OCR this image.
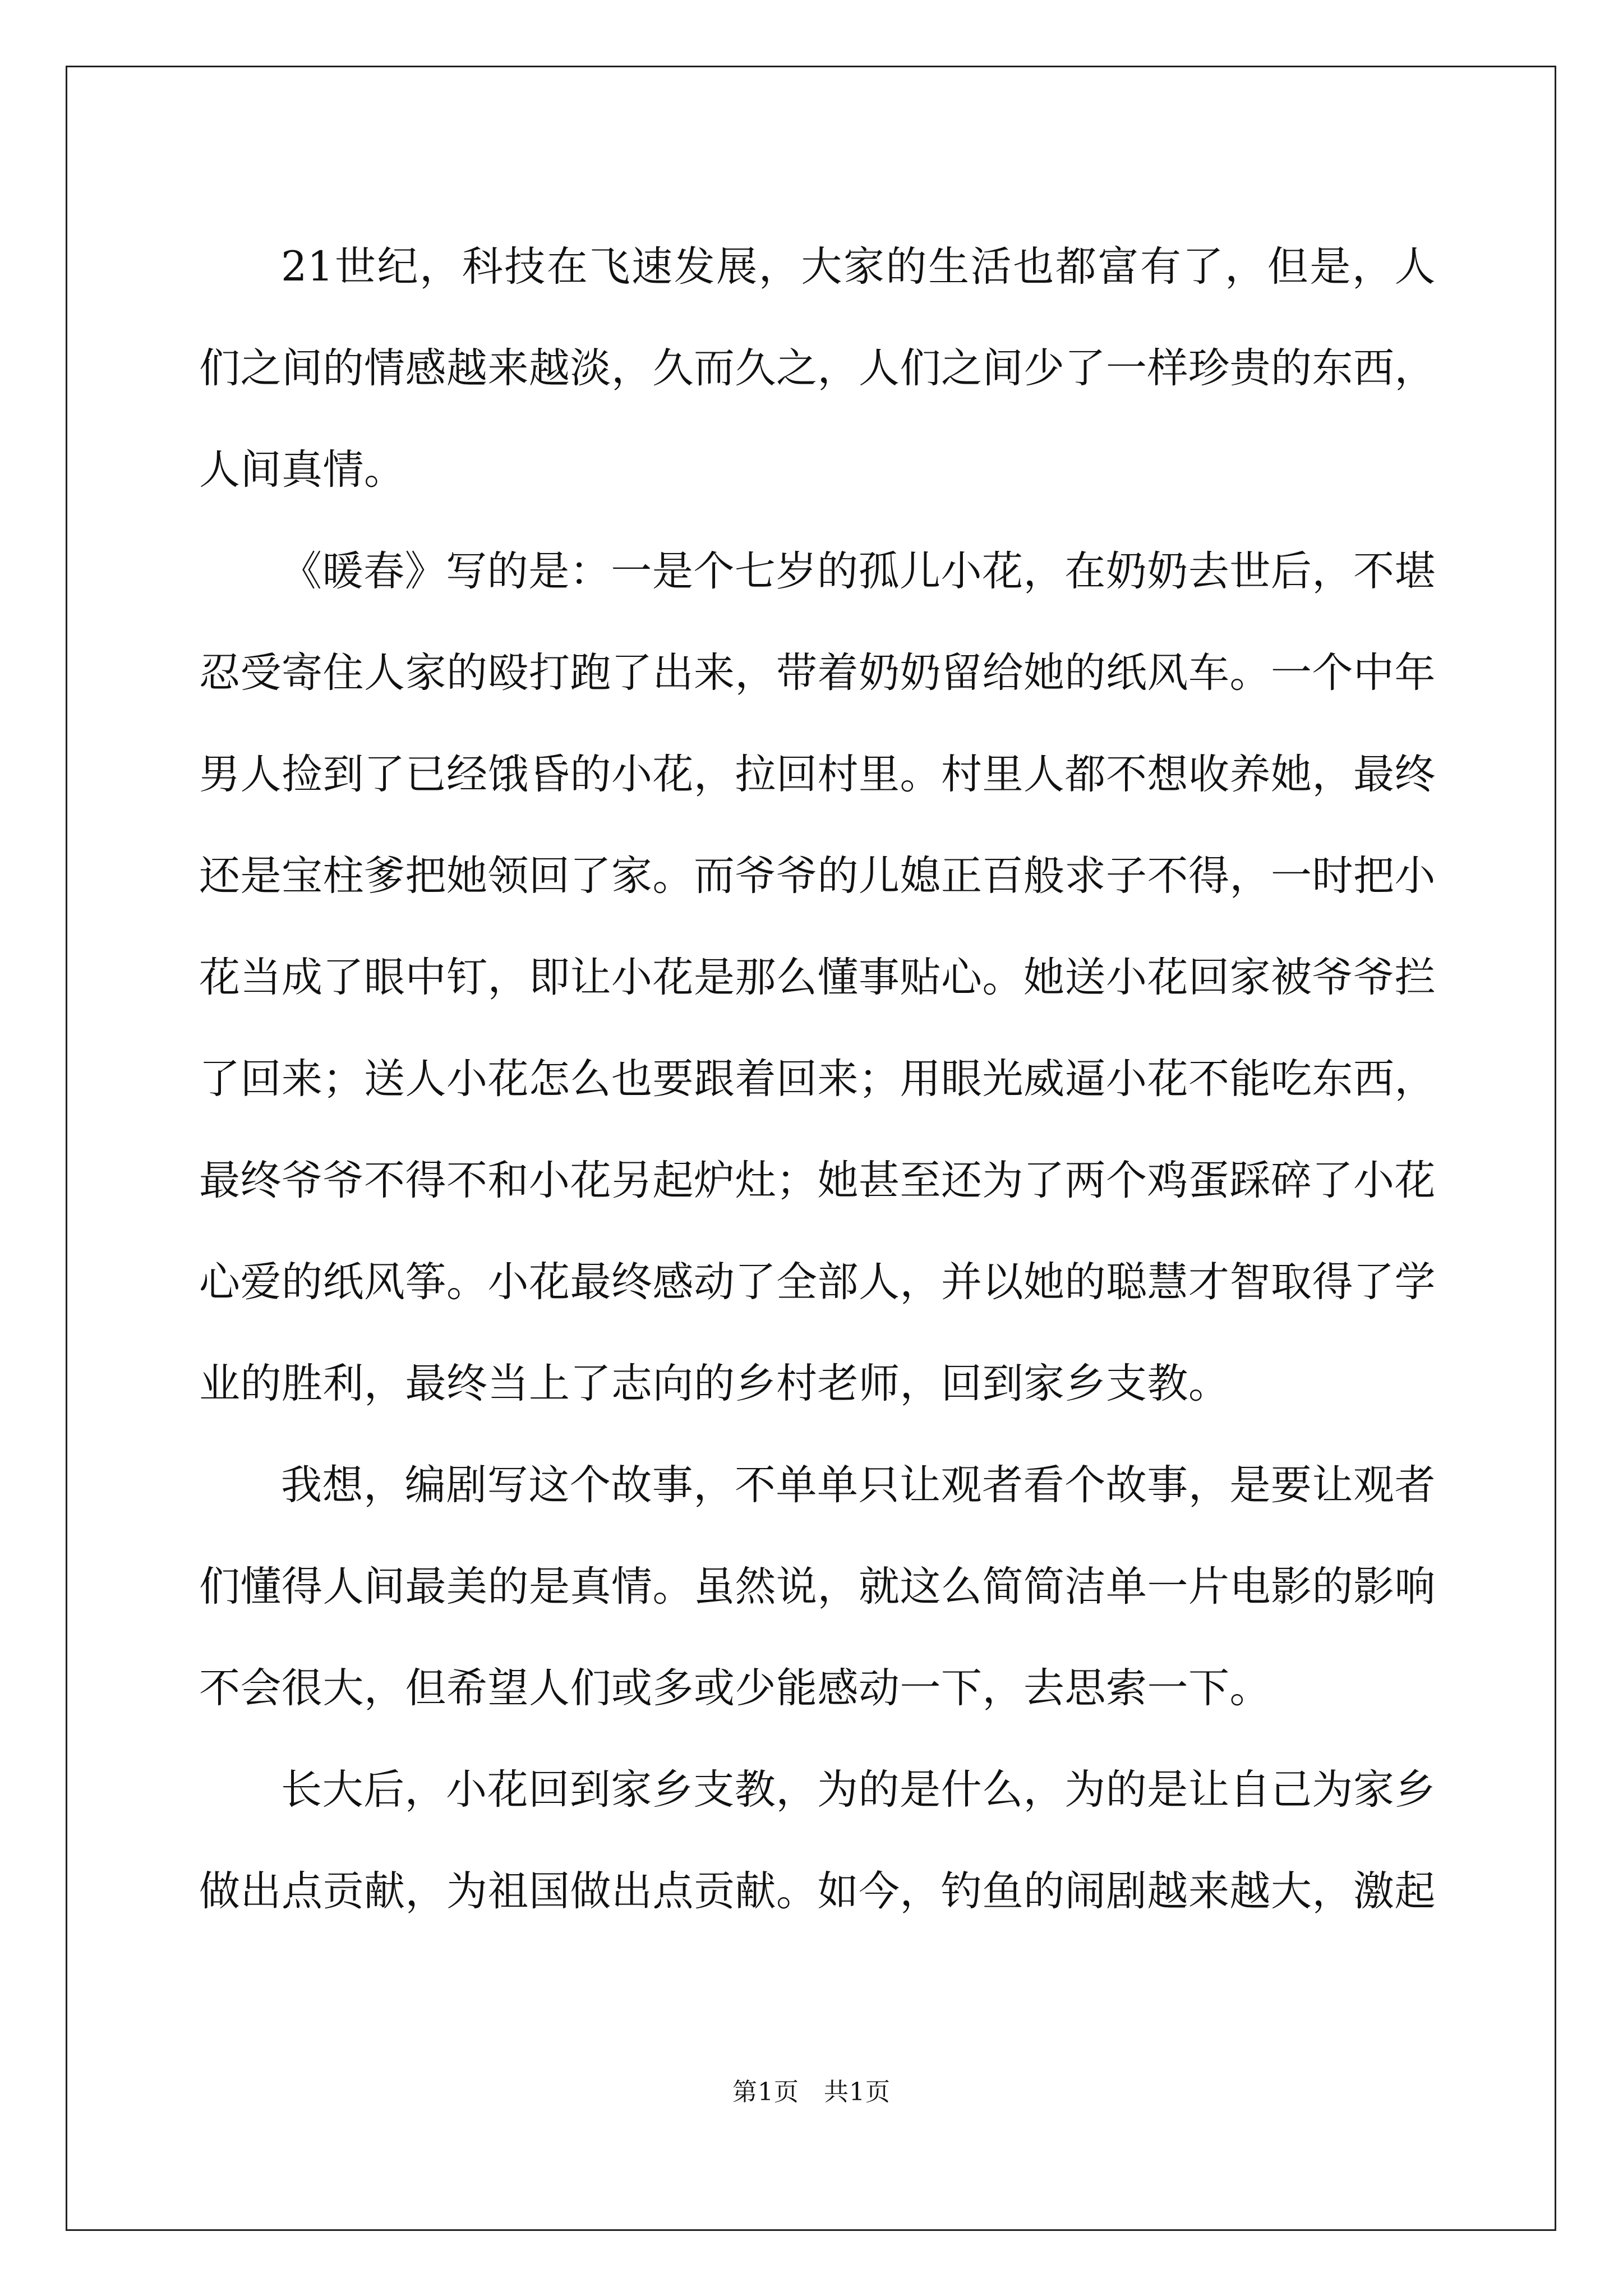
21世纪，科技在飞速发展，大家的生活也都富有了，但是，人们之间的情感越来越淡，久而久之，人们之间少了一样珍贵的东西，人间真情。

《暖春》写的是：一是个七岁的孤儿小花，在奶奶去世后，不堪忍受寄住人家的殴打跑了出来，带着奶奶留给她的纸风车。一个中年男人捡到了已经饿昏的小花，拉回村里。村里人都不想收养她，最终还是宝柱爹把她领回了家。而爷爷的儿媳正百般求子不得，一时把小花当成了眼中钉，即让小花是那么懂事贴心。她送小花回家被爷爷拦了回来；送人小花怎么也要跟着回来；用眼光威逼小花不能吃东西，最终爷爷不得不和小花另起炉灶；她甚至还为了两个鸡蛋踩碎了小花心爱的纸风筝。小花最终感动了全部人，并以她的聪慧才智取得了学业的胜利，最终当上了志向的乡村老师，回到家乡支教。

我想，编剧写这个故事，不单单只让观者看个故事，是要让观者们懂得人间最美的是真情。虽然说，就这么简简洁单一片电影的影响不会很大，但希望人们或多或少能感动一下，去思索一下。

长大后，小花回到家乡支教，为的是什么，为的是让自己为家乡做出点贡献，为祖国做出点贡献。如今，钓鱼的闹剧越来越大，激起

第1页 共1页
